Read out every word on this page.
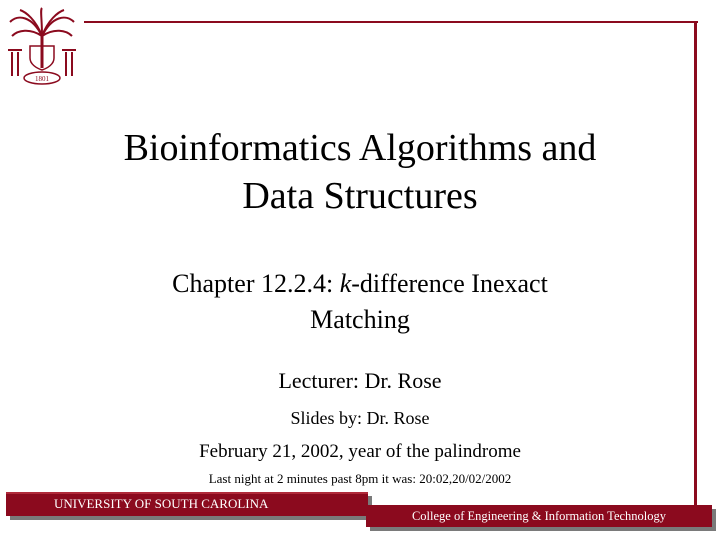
1801
Bioinformatics Algorithms and
Data Structures
Chapter 12.2.4: k-difference Inexact
Matching
Lecturer: Dr. Rose
Slides by: Dr. Rose
February 21, 2002, year of the palindrome
Last night at 2 minutes past 8pm it was: 20:02,20/02/2002
UNIVERSITY OF SOUTH CAROLINA
College of Engineering & Information Technology
